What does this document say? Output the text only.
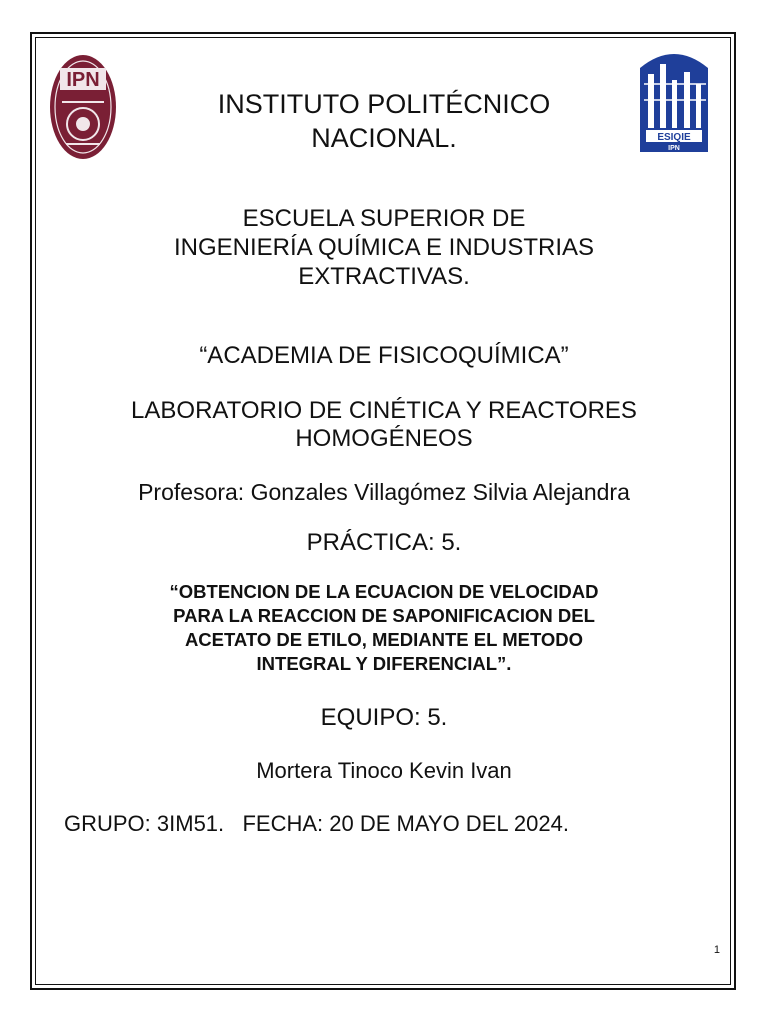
IPN
ESIQIE
IPN
INSTITUTO POLITÉCNICO
NACIONAL.
ESCUELA SUPERIOR DE
INGENIERÍA QUÍMICA E INDUSTRIAS
EXTRACTIVAS.
“ACADEMIA DE FISICOQUÍMICA”
LABORATORIO DE CINÉTICA Y REACTORES
HOMOGÉNEOS
Profesora: Gonzales Villagómez Silvia Alejandra
PRÁCTICA: 5.
“OBTENCION DE LA ECUACION DE VELOCIDAD
PARA LA REACCION DE SAPONIFICACION DEL
ACETATO DE ETILO, MEDIANTE EL METODO
INTEGRAL Y DIFERENCIAL”.
EQUIPO: 5.
Mortera Tinoco Kevin Ivan
GRUPO: 3IM51.   FECHA: 20 DE MAYO DEL 2024.
1
